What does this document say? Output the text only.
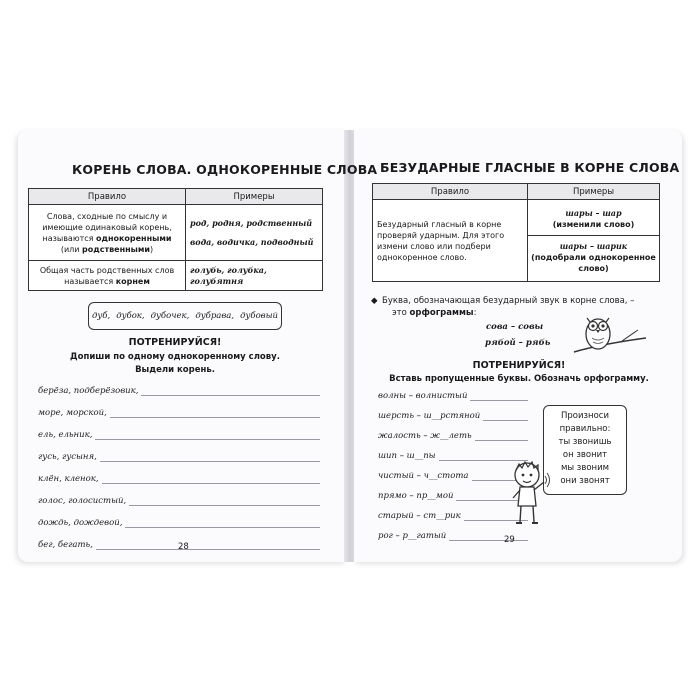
КОРЕНЬ СЛОВА. ОДНОКОРЕННЫЕ СЛОВА
Правило	Примеры
Слова, сходные по смыслу и имеющие одинаковый корень, называются однокоренными (или родственными)	род, родня, родственный
вода, водичка, подводный

Общая часть родственных слов называется корнем	голубь, голубка, голубятня
дуб, дубок, дубочек, дубрава, дубовый
ПОТРЕНИРУЙСЯ!
Допиши по одному однокоренному слову.
Выдели корень.
берёза, подберёзовик,
море, морской,
ель, ельник,
гусь, гусыня,
клён, кленок,
голос, голосистый,
дождь, дождевой,
бег, бегать,	28
БЕЗУДАРНЫЕ ГЛАСНЫЕ В КОРНЕ СЛОВА
Правило	Примеры
Безударный гласный в корне проверяй ударным. Для этого измени слово или подбери однокоренное слово.	шары – шар
(изменили слово)
шары – шарик
(подобрали однокоренное слово)
◆ Буква, обозначающая безударный звук в корне слова, –
это орфограммы:
сова – совы
рябой – рябь
ПОТРЕНИРУЙСЯ!
Вставь пропущенные буквы. Обозначь орфограмму.
волны – волнистый
шерсть – ш__рстяной
жалость – ж__леть
шип – ш__пы
чистый – ч__стота
прямо – пр__мой
старый – ст__рик
рог – р__гатый
Произноси
правильно:
ты звонишь
он звонит
мы звоним
они звонят
29
